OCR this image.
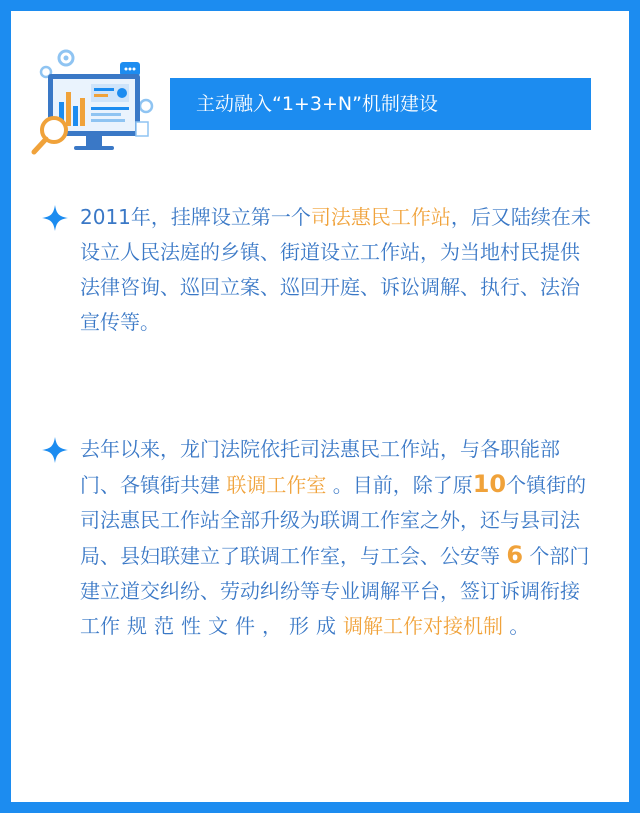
主动融入“1+3+N”机制建设
2011年，挂牌设立第一个司法惠民工作站，后又陆续在未设立人民法庭的乡镇、街道设立工作站，为当地村民提供法律咨询、巡回立案、巡回开庭、诉讼调解、执行、法治宣传等。
去年以来，龙门法院依托司法惠民工作站，与各职能部门、各镇街共建 联调工作室 。目前，除了原10个镇街的司法惠民工作站全部升级为联调工作室之外，还与县司法局、县妇联建立了联调工作室，与工会、公安等 6 个部门建立道交纠纷、劳动纠纷等专业调解平台，签订诉调衔接工作规范性文件，形成调解工作对接机制 。
